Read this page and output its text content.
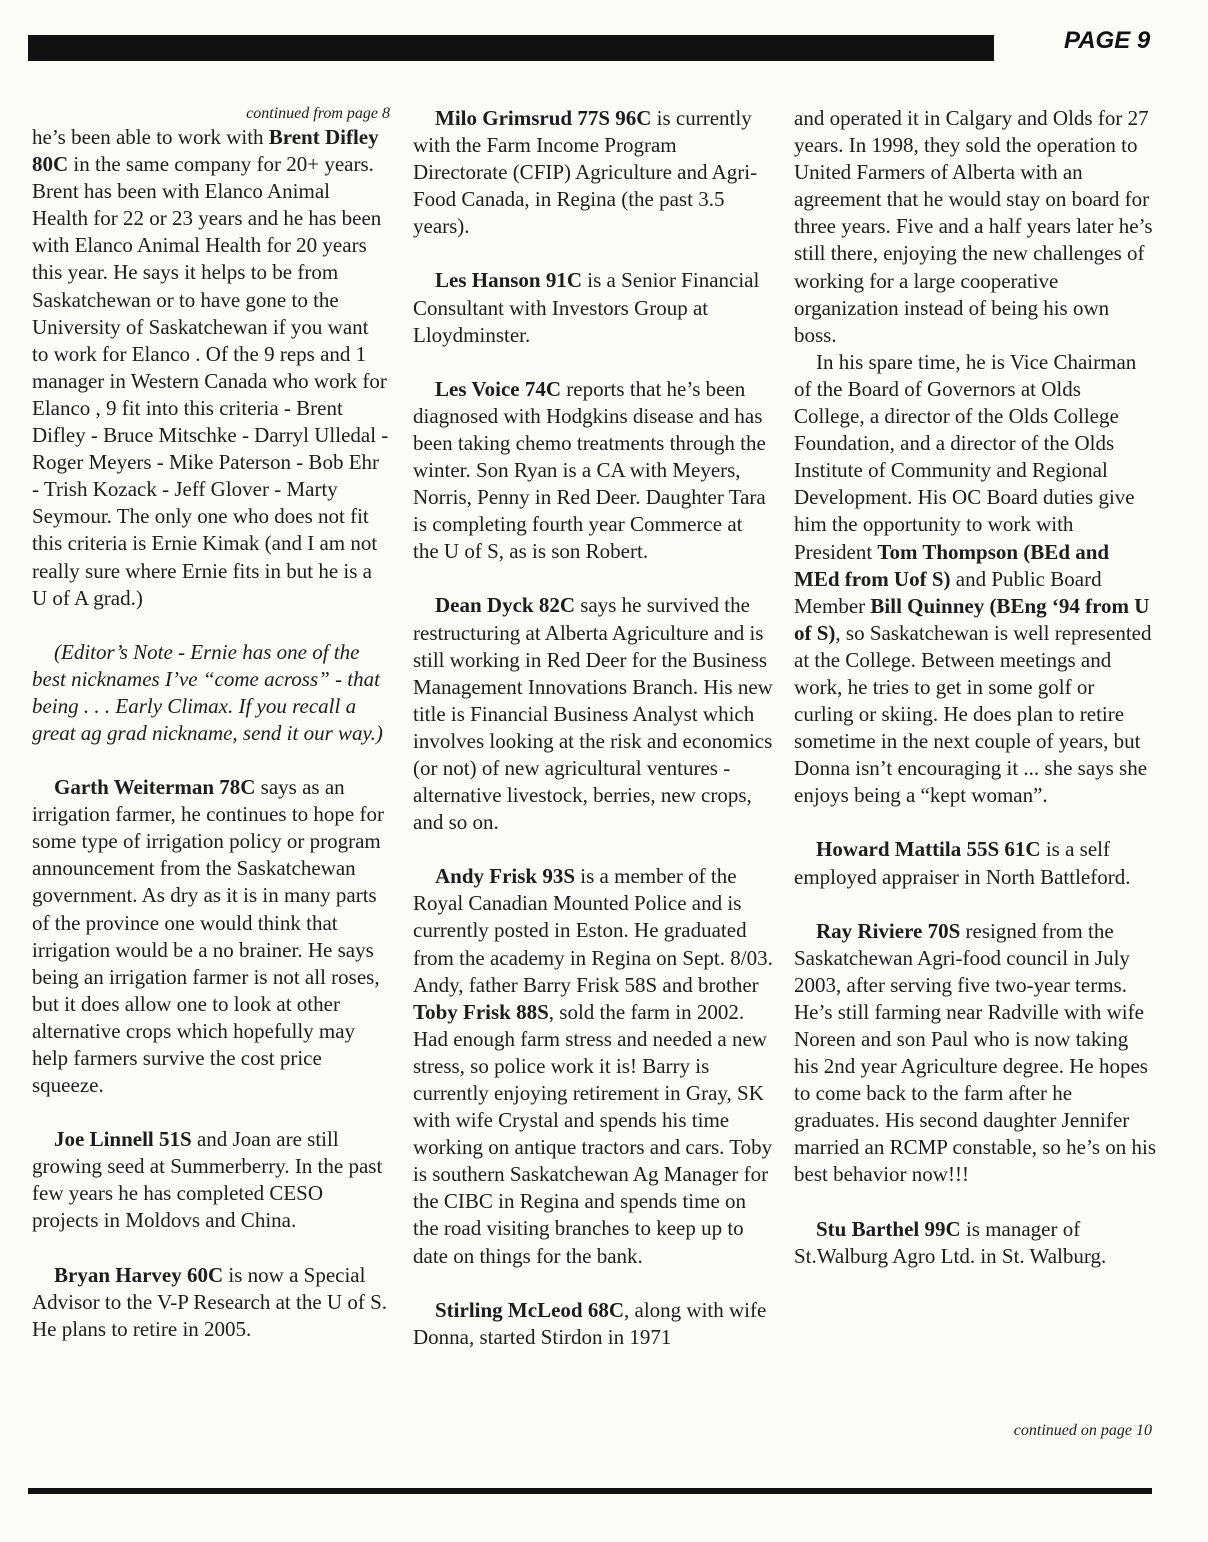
PAGE 9
continued from page 8

he’s been able to work with Brent Difley 80C in the same company for 20+ years. Brent has been with Elanco Animal Health for 22 or 23 years and he has been with Elanco Animal Health for 20 years this year. He says it helps to be from Saskatchewan or to have gone to the University of Saskatchewan if you want to work for Elanco . Of the 9 reps and 1 manager in Western Canada who work for Elanco , 9 fit into this criteria - Brent Difley - Bruce Mitschke - Darryl Ulledal - Roger Meyers - Mike Paterson - Bob Ehr - Trish Kozack - Jeff Glover - Marty Seymour. The only one who does not fit this criteria is Ernie Kimak (and I am not really sure where Ernie fits in but he is a U of A grad.)

(Editor’s Note - Ernie has one of the best nicknames I’ve “come across” - that being . . . Early Climax. If you recall a great ag grad nickname, send it our way.)

Garth Weiterman 78C says as an irrigation farmer, he continues to hope for some type of irrigation policy or program announcement from the Saskatchewan government. As dry as it is in many parts of the province one would think that irrigation would be a no brainer. He says being an irrigation farmer is not all roses, but it does allow one to look at other alternative crops which hopefully may help farmers survive the cost price squeeze.

Joe Linnell 51S and Joan are still growing seed at Summerberry. In the past few years he has completed CESO projects in Moldovs and China.

Bryan Harvey 60C is now a Special Advisor to the V-P Research at the U of S. He plans to retire in 2005.

Milo Grimsrud 77S 96C is currently with the Farm Income Program Directorate (CFIP) Agriculture and Agri-Food Canada, in Regina (the past 3.5 years).

Les Hanson 91C is a Senior Financial Consultant with Investors Group at Lloydminster.

Les Voice 74C reports that he’s been diagnosed with Hodgkins disease and has been taking chemo treatments through the winter. Son Ryan is a CA with Meyers, Norris, Penny in Red Deer. Daughter Tara is completing fourth year Commerce at the U of S, as is son Robert.

Dean Dyck 82C says he survived the restructuring at Alberta Agriculture and is still working in Red Deer for the Business Management Innovations Branch. His new title is Financial Business Analyst which involves looking at the risk and economics (or not) of new agricultural ventures - alternative livestock, berries, new crops, and so on.

Andy Frisk 93S is a member of the Royal Canadian Mounted Police and is currently posted in Eston. He graduated from the academy in Regina on Sept. 8/03. Andy, father Barry Frisk 58S and brother Toby Frisk 88S, sold the farm in 2002. Had enough farm stress and needed a new stress, so police work it is! Barry is currently enjoying retirement in Gray, SK with wife Crystal and spends his time working on antique tractors and cars. Toby is southern Saskatchewan Ag Manager for the CIBC in Regina and spends time on the road visiting branches to keep up to date on things for the bank.

Stirling McLeod 68C, along with wife Donna, started Stirdon in 1971

and operated it in Calgary and Olds for 27 years. In 1998, they sold the operation to United Farmers of Alberta with an agreement that he would stay on board for three years. Five and a half years later he’s still there, enjoying the new challenges of working for a large cooperative organization instead of being his own boss.

In his spare time, he is Vice Chairman of the Board of Governors at Olds College, a director of the Olds College Foundation, and a director of the Olds Institute of Community and Regional Development. His OC Board duties give him the opportunity to work with President Tom Thompson (BEd and MEd from Uof S) and Public Board Member Bill Quinney (BEng ‘94 from U of S), so Saskatchewan is well represented at the College. Between meetings and work, he tries to get in some golf or curling or skiing. He does plan to retire sometime in the next couple of years, but Donna isn’t encouraging it ... she says she enjoys being a “kept woman”.

Howard Mattila 55S 61C is a self employed appraiser in North Battleford.

Ray Riviere 70S resigned from the Saskatchewan Agri-food council in July 2003, after serving five two-year terms. He’s still farming near Radville with wife Noreen and son Paul who is now taking his 2nd year Agriculture degree. He hopes to come back to the farm after he graduates. His second daughter Jennifer married an RCMP constable, so he’s on his best behavior now!!!

Stu Barthel 99C is manager of St.Walburg Agro Ltd. in St. Walburg.

continued on page 10
